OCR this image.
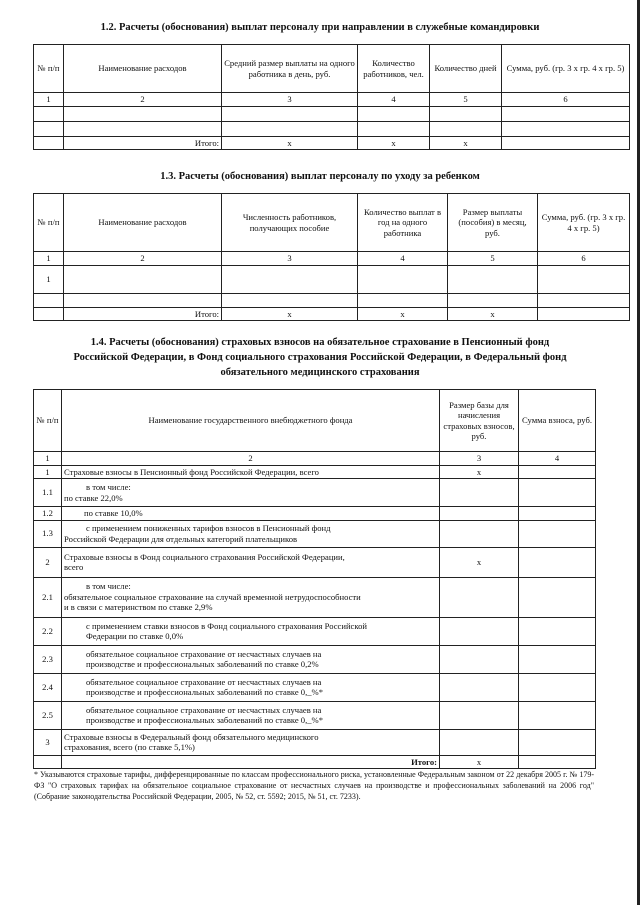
1.2. Расчеты (обоснования) выплат персоналу при направлении в служебные командировки
№ п/п	Наименование расходов	Средний размер выплаты на одного работника в день, руб.	Количество работников, чел.	Количество дней	Сумма, руб. (гр. 3 x гр. 4 x гр. 5)
1	2	3	4	5	6

	Итого:	x	x	x	
1.3. Расчеты (обоснования) выплат персоналу по уходу за ребенком
№ п/п	Наименование расходов	Численность работников, получающих пособие	Количество выплат в год на одного работника	Размер выплаты (пособия) в месяц, руб.	Сумма, руб. (гр. 3 x гр. 4 x гр. 5)
1	2	3	4	5	6
1					

	Итого:	x	x	x	
1.4. Расчеты (обоснования) страховых взносов на обязательное страхование в Пенсионный фонд
Российской Федерации, в Фонд социального страхования Российской Федерации, в Федеральный фонд
обязательного медицинского страхования
№ п/п	Наименование государственного внебюджетного фонда	Размер базы для начисления страховых взносов, руб.	Сумма взноса, руб.
1	2	3	4
1	Страховые взносы в Пенсионный фонд Российской Федерации, всего	x	
1.1	в том числе:
по ставке 22,0%		

1.2	по ставке 10,0%		
1.3	с применением пониженных тарифов взносов в Пенсионный фонд
Российской Федерации для отдельных категорий плательщиков		

2	Страховые взносы в Фонд социального страхования Российской Федерации,
всего	x	
2.1	в том числе:
обязательное социальное страхование на случай временной нетрудоспособности
и в связи с материнством по ставке 2,9%		

2.2	с применением ставки взносов в Фонд социального страхования Российской
Федерации по ставке 0,0%		

2.3	обязательное социальное страхование от несчастных случаев на
производстве и профессиональных заболеваний по ставке 0,2%		

2.4	обязательное социальное страхование от несчастных случаев на
производстве и профессиональных заболеваний по ставке 0,_%*		

2.5	обязательное социальное страхование от несчастных случаев на
производстве и профессиональных заболеваний по ставке 0,_%*		

3	Страховые взносы в Федеральный фонд обязательного медицинского
страхования, всего (по ставке 5,1%)		

	Итого:	x	
* Указываются страховые тарифы, дифференцированные по классам профессионального риска, установленные Федеральным законом от 22 декабря 2005 г. № 179-ФЗ "О страховых тарифах на обязательное социальное страхование от несчастных случаев на производстве и профессиональных заболеваний на 2006 год" (Собрание законодательства Российской Федерации, 2005, № 52, ст. 5592; 2015, № 51, ст. 7233).
